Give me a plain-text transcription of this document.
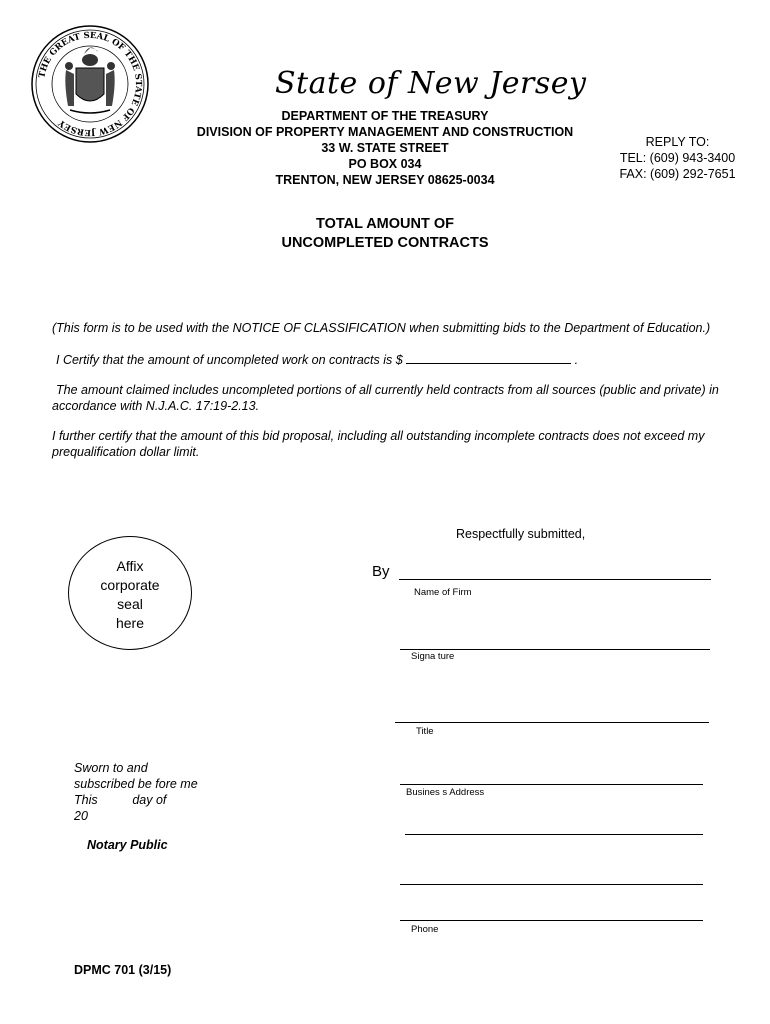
THE GREAT SEAL OF THE STATE OF NEW JERSEY
State of New Jersey
DEPARTMENT OF THE TREASURY
DIVISION OF PROPERTY MANAGEMENT AND CONSTRUCTION
33 W. STATE STREET
PO BOX 034
TRENTON, NEW JERSEY 08625-0034
REPLY TO:
TEL: (609) 943-3400
FAX: (609) 292-7651
TOTAL AMOUNT OF
UNCOMPLETED CONTRACTS
(This form is to be used with the NOTICE OF CLASSIFICATION when submitting bids to the Department of Education.)
I Certify that the amount of uncompleted work on contracts is $	.
The amount claimed includes uncompleted portions of all currently held contracts from all sources (public and private) in accordance with N.J.A.C. 17:19-2.13.
I further certify that the amount of this bid proposal, including all outstanding incomplete contracts does not exceed my prequalification dollar limit.
Respectfully submitted,
Affix
corporate
seal
here
By
Name of Firm
Signa ture
Title
Busines s Address
Phone
Sworn to and
subscribed be fore me
This          day of
20
Notary Public
DPMC 701 (3/15)
